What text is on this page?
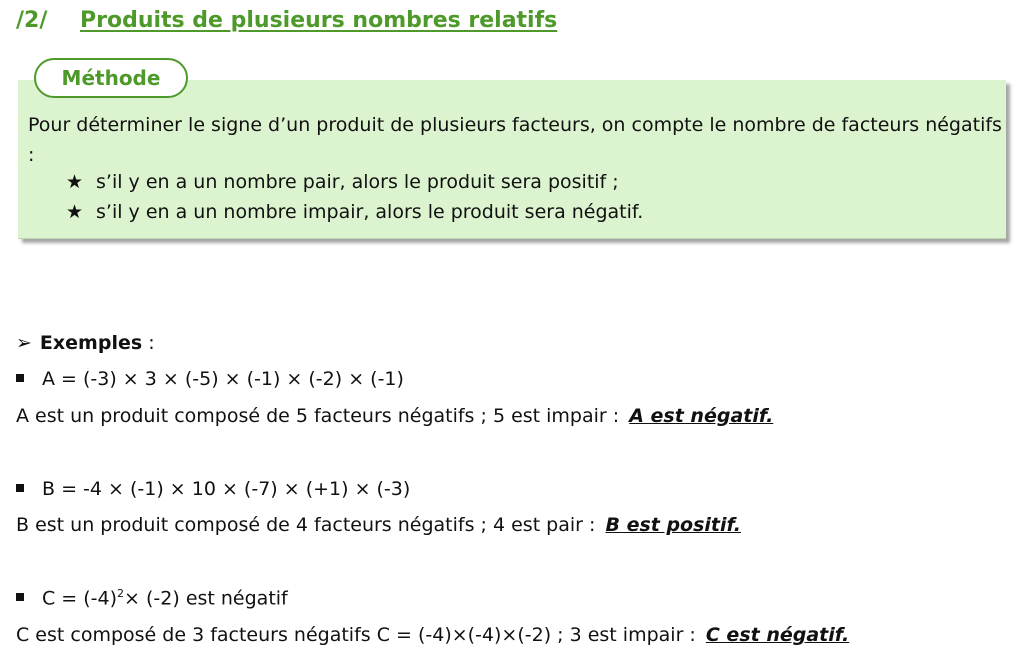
/2/ Produits de plusieurs nombres relatifs
Méthode
Pour déterminer le signe d’un produit de plusieurs facteurs, on compte le nombre de facteurs négatifs :
★ s’il y en a un nombre pair, alors le produit sera positif ;
★ s’il y en a un nombre impair, alors le produit sera négatif.
➢ Exemples :
A = (-3) × 3 × (-5) × (-1) × (-2) × (-1)
A est un produit composé de 5 facteurs négatifs ; 5 est impair : A est négatif.
B = -4 × (-1) × 10 × (-7) × (+1) × (-3)
B est un produit composé de 4 facteurs négatifs ; 4 est pair : B est positif.
$C = (-4)^2\times (-2)$ est négatif
C est composé de 3 facteurs négatifs C = (-4)×(-4)×(-2) ; 3 est impair : C est négatif.
